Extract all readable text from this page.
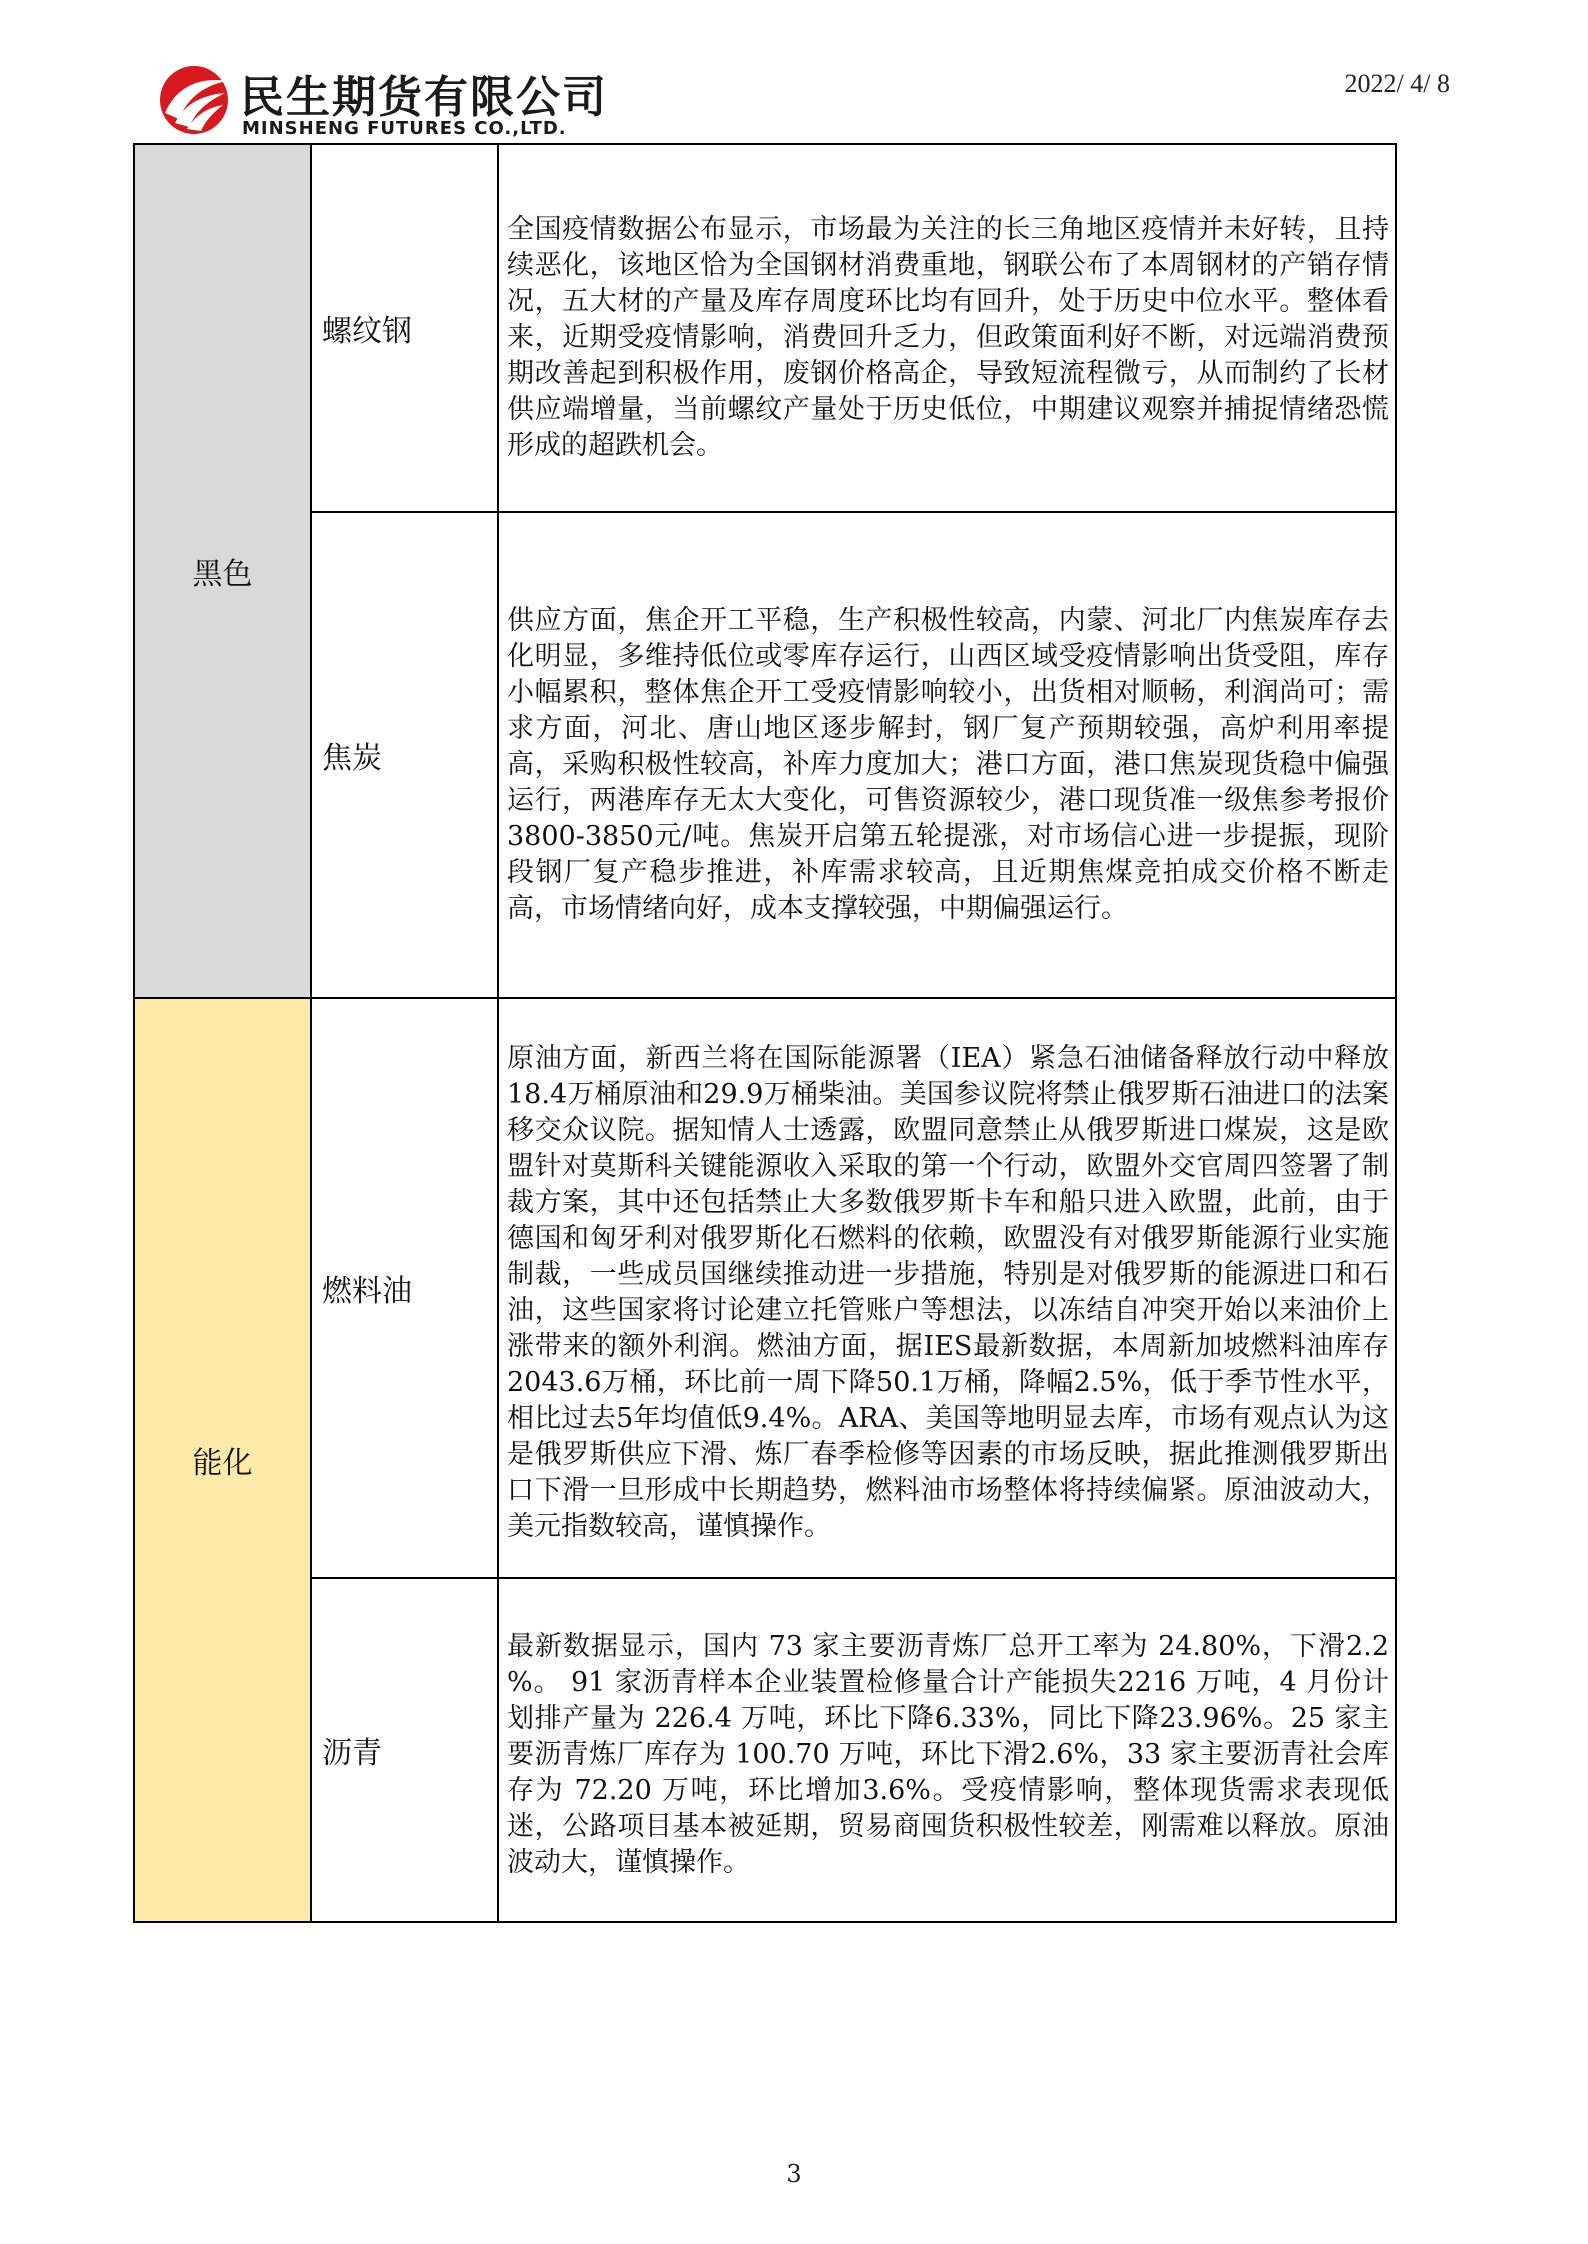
民生期货有限公司
MINSHENG FUTURES CO.,LTD.
2022/ 4/ 8
黑色	螺纹钢	全国疫情数据公布显示，市场最为关注的长三角地区疫情并未好转，且持续恶化，该地区恰为全国钢材消费重地，钢联公布了本周钢材的产销存情况，五大材的产量及库存周度环比均有回升，处于历史中位水平。整体看来，近期受疫情影响，消费回升乏力，但政策面利好不断，对远端消费预期改善起到积极作用，废钢价格高企，导致短流程微亏，从而制约了长材供应端增量，当前螺纹产量处于历史低位，中期建议观察并捕捉情绪恐慌形成的超跌机会。

	焦炭	供应方面，焦企开工平稳，生产积极性较高，内蒙、河北厂内焦炭库存去化明显，多维持低位或零库存运行，山西区域受疫情影响出货受阻，库存小幅累积，整体焦企开工受疫情影响较小，出货相对顺畅，利润尚可；需求方面，河北、唐山地区逐步解封，钢厂复产预期较强，高炉利用率提高，采购积极性较高，补库力度加大；港口方面，港口焦炭现货稳中偏强运行，两港库存无太大变化，可售资源较少，港口现货准一级焦参考报价3800-3850元/吨。焦炭开启第五轮提涨，对市场信心进一步提振，现阶段钢厂复产稳步推进，补库需求较高，且近期焦煤竞拍成交价格不断走高，市场情绪向好，成本支撑较强，中期偏强运行。

能化	燃料油	原油方面，新西兰将在国际能源署（IEA）紧急石油储备释放行动中释放18.4万桶原油和29.9万桶柴油。美国参议院将禁止俄罗斯石油进口的法案移交众议院。据知情人士透露，欧盟同意禁止从俄罗斯进口煤炭，这是欧盟针对莫斯科关键能源收入采取的第一个行动，欧盟外交官周四签署了制裁方案，其中还包括禁止大多数俄罗斯卡车和船只进入欧盟，此前，由于德国和匈牙利对俄罗斯化石燃料的依赖，欧盟没有对俄罗斯能源行业实施制裁，一些成员国继续推动进一步措施，特别是对俄罗斯的能源进口和石油，这些国家将讨论建立托管账户等想法，以冻结自冲突开始以来油价上涨带来的额外利润。燃油方面，据IES最新数据，本周新加坡燃料油库存2043.6万桶，环比前一周下降50.1万桶，降幅2.5%，低于季节性水平，相比过去5年均值低9.4%。ARA、美国等地明显去库，市场有观点认为这是俄罗斯供应下滑、炼厂春季检修等因素的市场反映，据此推测俄罗斯出口下滑一旦形成中长期趋势，燃料油市场整体将持续偏紧。原油波动大，美元指数较高，谨慎操作。

	沥青	最新数据显示，国内 73 家主要沥青炼厂总开工率为 24.80%，下滑2.2 %。 91 家沥青样本企业装置检修量合计产能损失2216 万吨，4 月份计划排产量为 226.4 万吨，环比下降6.33%，同比下降23.96%。25 家主要沥青炼厂库存为 100.70 万吨，环比下滑2.6%，33 家主要沥青社会库存为 72.20 万吨，环比增加3.6%。受疫情影响，整体现货需求表现低迷，公路项目基本被延期，贸易商囤货积极性较差，刚需难以释放。原油波动大，谨慎操作。
3
